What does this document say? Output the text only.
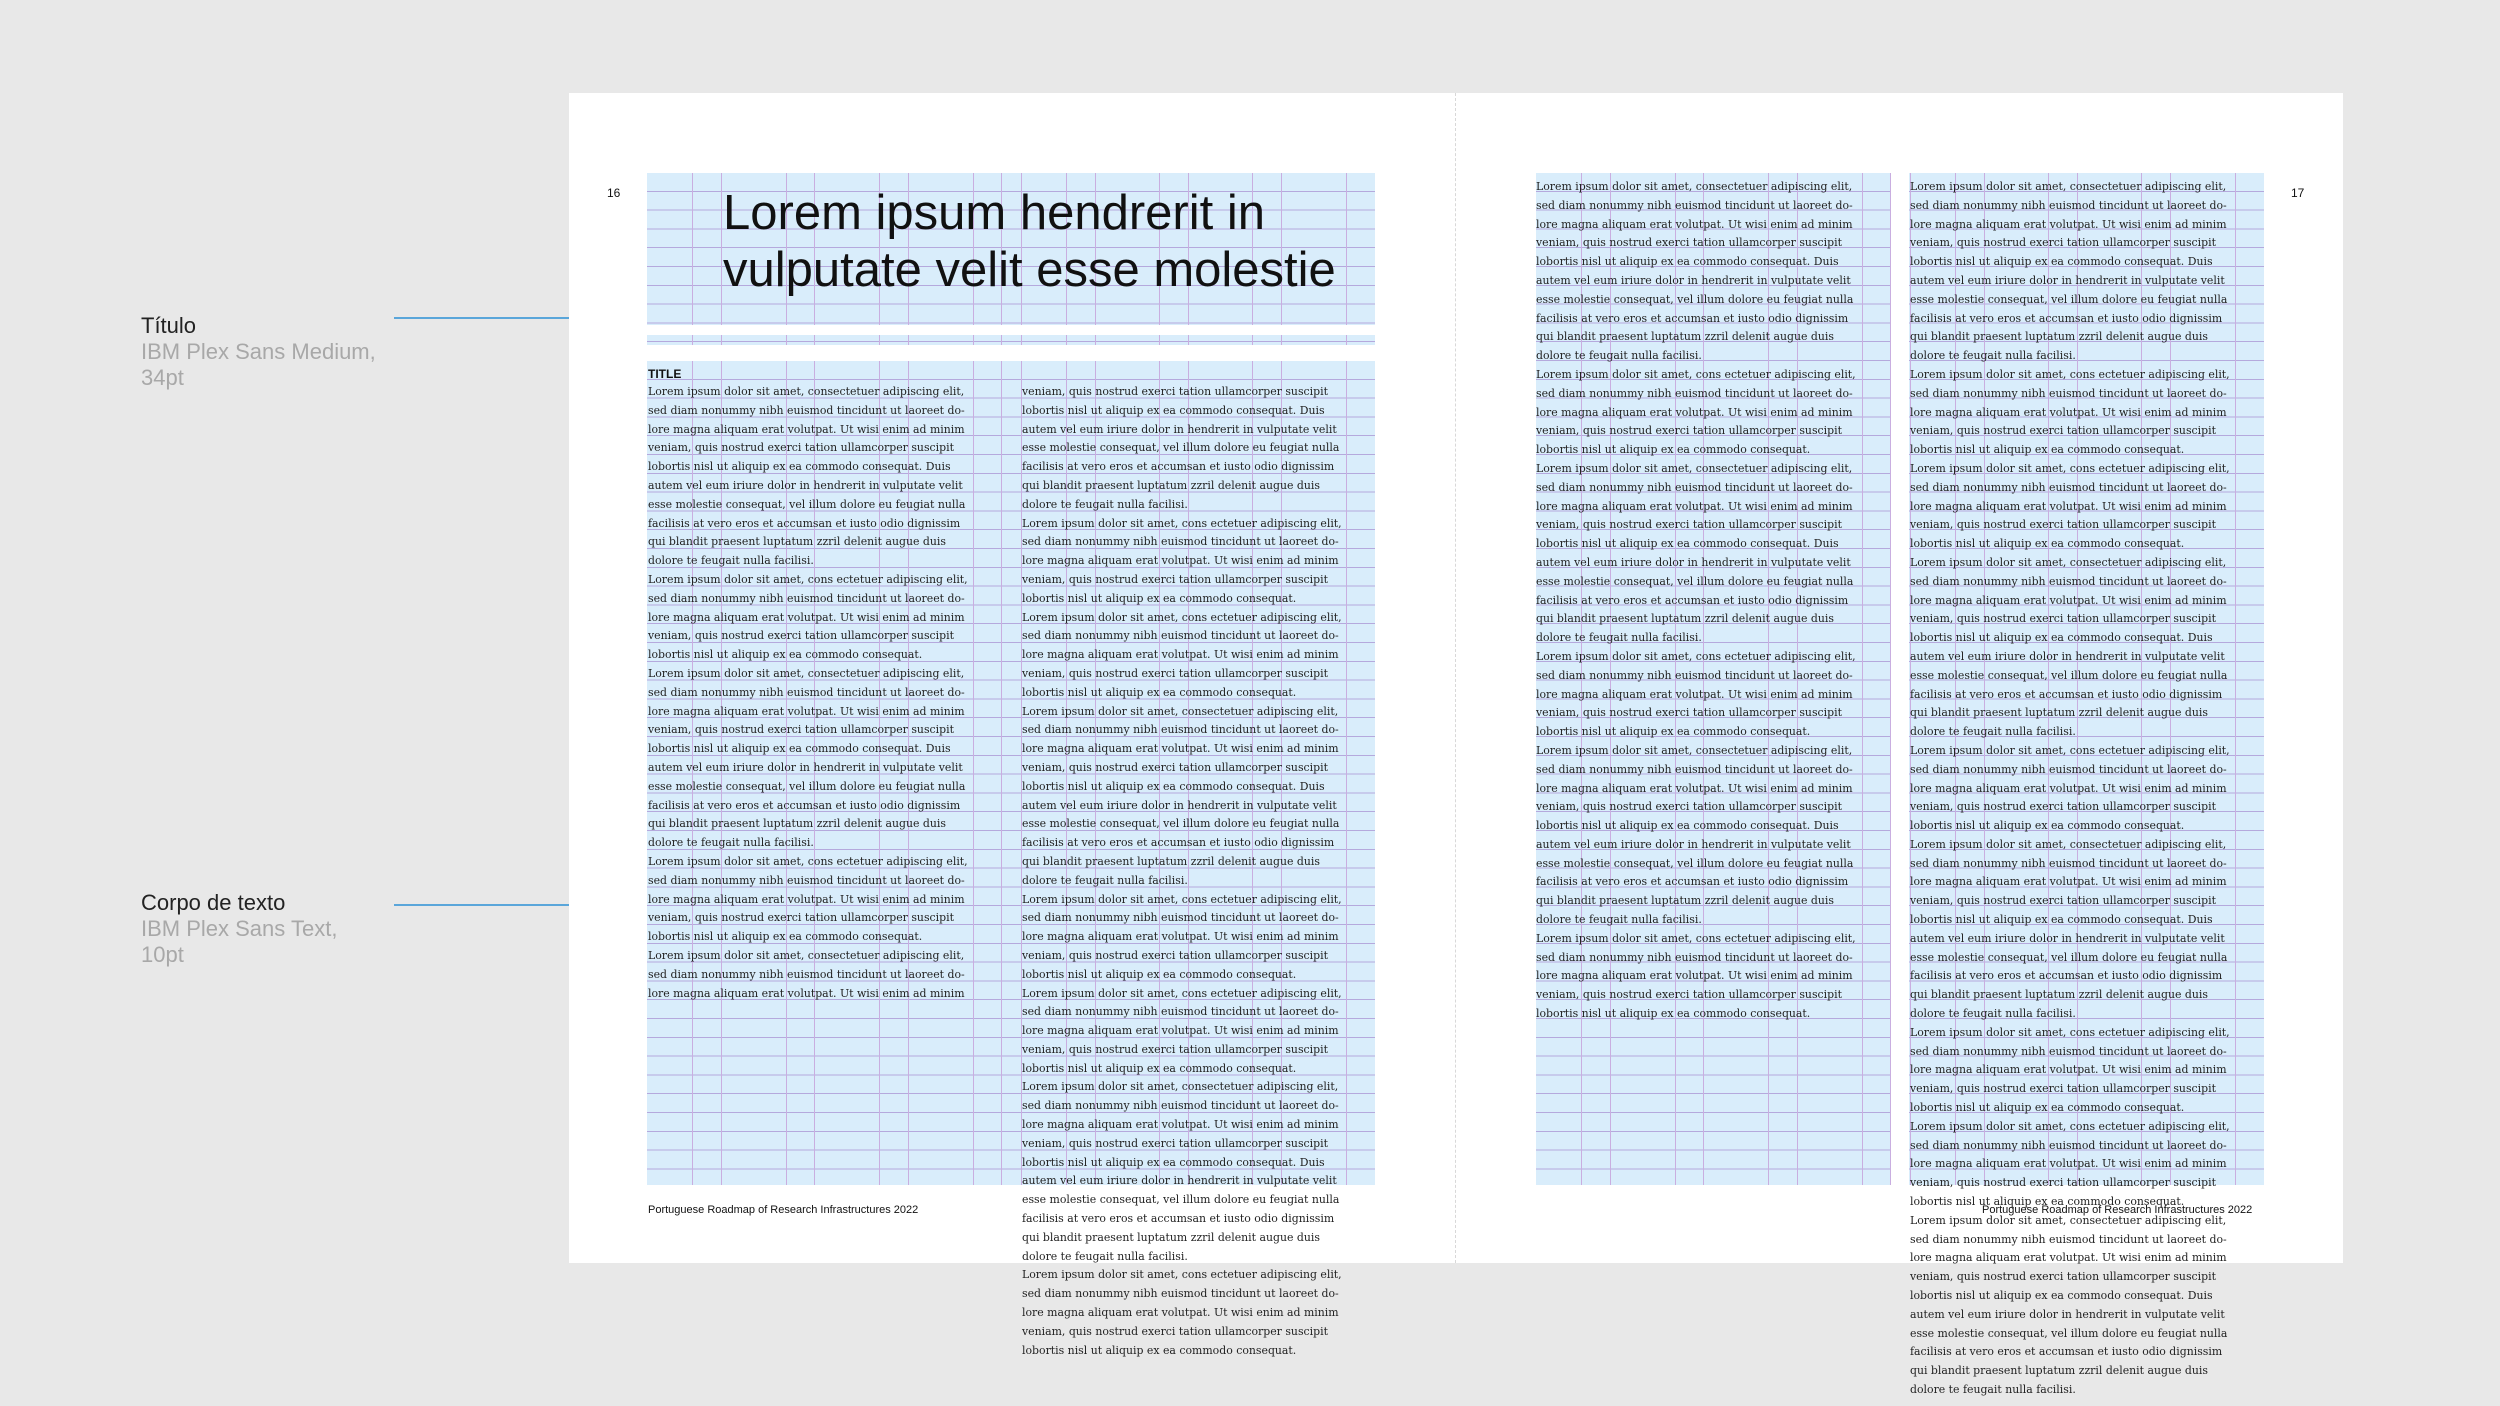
Título
IBM Plex Sans Medium,
34pt
Corpo de texto
IBM Plex Sans Text,
10pt
16 Lorem ipsum hendrerit in
vulputate velit esse molestie
TITLE
Lorem ipsum dolor sit amet, consectetuer adipiscing elit,
sed diam nonummy nibh euismod tincidunt ut laoreet do-
lore magna aliquam erat volutpat. Ut wisi enim ad minim
veniam, quis nostrud exerci tation ullamcorper suscipit
lobortis nisl ut aliquip ex ea commodo consequat. Duis
autem vel eum iriure dolor in hendrerit in vulputate velit
esse molestie consequat, vel illum dolore eu feugiat nulla
facilisis at vero eros et accumsan et iusto odio dignissim
qui blandit praesent luptatum zzril delenit augue duis
dolore te feugait nulla facilisi.
Lorem ipsum dolor sit amet, cons ectetuer adipiscing elit,
sed diam nonummy nibh euismod tincidunt ut laoreet do-
lore magna aliquam erat volutpat. Ut wisi enim ad minim
veniam, quis nostrud exerci tation ullamcorper suscipit
lobortis nisl ut aliquip ex ea commodo consequat.
Lorem ipsum dolor sit amet, consectetuer adipiscing elit,
sed diam nonummy nibh euismod tincidunt ut laoreet do-
lore magna aliquam erat volutpat. Ut wisi enim ad minim
veniam, quis nostrud exerci tation ullamcorper suscipit
lobortis nisl ut aliquip ex ea commodo consequat. Duis
autem vel eum iriure dolor in hendrerit in vulputate velit
esse molestie consequat, vel illum dolore eu feugiat nulla
facilisis at vero eros et accumsan et iusto odio dignissim
qui blandit praesent luptatum zzril delenit augue duis
dolore te feugait nulla facilisi.
Lorem ipsum dolor sit amet, cons ectetuer adipiscing elit,
sed diam nonummy nibh euismod tincidunt ut laoreet do-
lore magna aliquam erat volutpat. Ut wisi enim ad minim
veniam, quis nostrud exerci tation ullamcorper suscipit
lobortis nisl ut aliquip ex ea commodo consequat.
Lorem ipsum dolor sit amet, consectetuer adipiscing elit,
sed diam nonummy nibh euismod tincidunt ut laoreet do-
lore magna aliquam erat volutpat. Ut wisi enim ad minim
veniam, quis nostrud exerci tation ullamcorper suscipit
lobortis nisl ut aliquip ex ea commodo consequat. Duis
autem vel eum iriure dolor in hendrerit in vulputate velit
esse molestie consequat, vel illum dolore eu feugiat nulla
facilisis at vero eros et accumsan et iusto odio dignissim
qui blandit praesent luptatum zzril delenit augue duis
dolore te feugait nulla facilisi.
Lorem ipsum dolor sit amet, cons ectetuer adipiscing elit,
sed diam nonummy nibh euismod tincidunt ut laoreet do-
lore magna aliquam erat volutpat. Ut wisi enim ad minim
veniam, quis nostrud exerci tation ullamcorper suscipit
lobortis nisl ut aliquip ex ea commodo consequat.
Lorem ipsum dolor sit amet, cons ectetuer adipiscing elit,
sed diam nonummy nibh euismod tincidunt ut laoreet do-
lore magna aliquam erat volutpat. Ut wisi enim ad minim
veniam, quis nostrud exerci tation ullamcorper suscipit
lobortis nisl ut aliquip ex ea commodo consequat.
Lorem ipsum dolor sit amet, consectetuer adipiscing elit,
sed diam nonummy nibh euismod tincidunt ut laoreet do-
lore magna aliquam erat volutpat. Ut wisi enim ad minim
veniam, quis nostrud exerci tation ullamcorper suscipit
lobortis nisl ut aliquip ex ea commodo consequat. Duis
autem vel eum iriure dolor in hendrerit in vulputate velit
esse molestie consequat, vel illum dolore eu feugiat nulla
facilisis at vero eros et accumsan et iusto odio dignissim
qui blandit praesent luptatum zzril delenit augue duis
dolore te feugait nulla facilisi.
Lorem ipsum dolor sit amet, cons ectetuer adipiscing elit,
sed diam nonummy nibh euismod tincidunt ut laoreet do-
lore magna aliquam erat volutpat. Ut wisi enim ad minim
veniam, quis nostrud exerci tation ullamcorper suscipit
lobortis nisl ut aliquip ex ea commodo consequat.
Lorem ipsum dolor sit amet, cons ectetuer adipiscing elit,
sed diam nonummy nibh euismod tincidunt ut laoreet do-
lore magna aliquam erat volutpat. Ut wisi enim ad minim
veniam, quis nostrud exerci tation ullamcorper suscipit
lobortis nisl ut aliquip ex ea commodo consequat.
Lorem ipsum dolor sit amet, consectetuer adipiscing elit,
sed diam nonummy nibh euismod tincidunt ut laoreet do-
lore magna aliquam erat volutpat. Ut wisi enim ad minim
veniam, quis nostrud exerci tation ullamcorper suscipit
lobortis nisl ut aliquip ex ea commodo consequat. Duis
autem vel eum iriure dolor in hendrerit in vulputate velit
esse molestie consequat, vel illum dolore eu feugiat nulla
facilisis at vero eros et accumsan et iusto odio dignissim
qui blandit praesent luptatum zzril delenit augue duis
dolore te feugait nulla facilisi.
Lorem ipsum dolor sit amet, cons ectetuer adipiscing elit,
sed diam nonummy nibh euismod tincidunt ut laoreet do-
lore magna aliquam erat volutpat. Ut wisi enim ad minim
veniam, quis nostrud exerci tation ullamcorper suscipit
lobortis nisl ut aliquip ex ea commodo consequat.
Portuguese Roadmap of Research Infrastructures 2022
17
Lorem ipsum dolor sit amet, consectetuer adipiscing elit,
sed diam nonummy nibh euismod tincidunt ut laoreet do-
lore magna aliquam erat volutpat. Ut wisi enim ad minim
veniam, quis nostrud exerci tation ullamcorper suscipit
lobortis nisl ut aliquip ex ea commodo consequat. Duis
autem vel eum iriure dolor in hendrerit in vulputate velit
esse molestie consequat, vel illum dolore eu feugiat nulla
facilisis at vero eros et accumsan et iusto odio dignissim
qui blandit praesent luptatum zzril delenit augue duis
dolore te feugait nulla facilisi.
Lorem ipsum dolor sit amet, cons ectetuer adipiscing elit,
sed diam nonummy nibh euismod tincidunt ut laoreet do-
lore magna aliquam erat volutpat. Ut wisi enim ad minim
veniam, quis nostrud exerci tation ullamcorper suscipit
lobortis nisl ut aliquip ex ea commodo consequat.
Lorem ipsum dolor sit amet, consectetuer adipiscing elit,
sed diam nonummy nibh euismod tincidunt ut laoreet do-
lore magna aliquam erat volutpat. Ut wisi enim ad minim
veniam, quis nostrud exerci tation ullamcorper suscipit
lobortis nisl ut aliquip ex ea commodo consequat. Duis
autem vel eum iriure dolor in hendrerit in vulputate velit
esse molestie consequat, vel illum dolore eu feugiat nulla
facilisis at vero eros et accumsan et iusto odio dignissim
qui blandit praesent luptatum zzril delenit augue duis
dolore te feugait nulla facilisi.
Lorem ipsum dolor sit amet, cons ectetuer adipiscing elit,
sed diam nonummy nibh euismod tincidunt ut laoreet do-
lore magna aliquam erat volutpat. Ut wisi enim ad minim
veniam, quis nostrud exerci tation ullamcorper suscipit
lobortis nisl ut aliquip ex ea commodo consequat.
Lorem ipsum dolor sit amet, consectetuer adipiscing elit,
sed diam nonummy nibh euismod tincidunt ut laoreet do-
lore magna aliquam erat volutpat. Ut wisi enim ad minim
veniam, quis nostrud exerci tation ullamcorper suscipit
lobortis nisl ut aliquip ex ea commodo consequat. Duis
autem vel eum iriure dolor in hendrerit in vulputate velit
esse molestie consequat, vel illum dolore eu feugiat nulla
facilisis at vero eros et accumsan et iusto odio dignissim
qui blandit praesent luptatum zzril delenit augue duis
dolore te feugait nulla facilisi.
Lorem ipsum dolor sit amet, cons ectetuer adipiscing elit,
sed diam nonummy nibh euismod tincidunt ut laoreet do-
lore magna aliquam erat volutpat. Ut wisi enim ad minim
veniam, quis nostrud exerci tation ullamcorper suscipit
lobortis nisl ut aliquip ex ea commodo consequat.
Lorem ipsum dolor sit amet, consectetuer adipiscing elit,
sed diam nonummy nibh euismod tincidunt ut laoreet do-
lore magna aliquam erat volutpat. Ut wisi enim ad minim
veniam, quis nostrud exerci tation ullamcorper suscipit
lobortis nisl ut aliquip ex ea commodo consequat. Duis
autem vel eum iriure dolor in hendrerit in vulputate velit
esse molestie consequat, vel illum dolore eu feugiat nulla
facilisis at vero eros et accumsan et iusto odio dignissim
qui blandit praesent luptatum zzril delenit augue duis
dolore te feugait nulla facilisi.
Lorem ipsum dolor sit amet, cons ectetuer adipiscing elit,
sed diam nonummy nibh euismod tincidunt ut laoreet do-
lore magna aliquam erat volutpat. Ut wisi enim ad minim
veniam, quis nostrud exerci tation ullamcorper suscipit
lobortis nisl ut aliquip ex ea commodo consequat.
Lorem ipsum dolor sit amet, cons ectetuer adipiscing elit,
sed diam nonummy nibh euismod tincidunt ut laoreet do-
lore magna aliquam erat volutpat. Ut wisi enim ad minim
veniam, quis nostrud exerci tation ullamcorper suscipit
lobortis nisl ut aliquip ex ea commodo consequat.
Lorem ipsum dolor sit amet, consectetuer adipiscing elit,
sed diam nonummy nibh euismod tincidunt ut laoreet do-
lore magna aliquam erat volutpat. Ut wisi enim ad minim
veniam, quis nostrud exerci tation ullamcorper suscipit
lobortis nisl ut aliquip ex ea commodo consequat. Duis
autem vel eum iriure dolor in hendrerit in vulputate velit
esse molestie consequat, vel illum dolore eu feugiat nulla
facilisis at vero eros et accumsan et iusto odio dignissim
qui blandit praesent luptatum zzril delenit augue duis
dolore te feugait nulla facilisi.
Lorem ipsum dolor sit amet, cons ectetuer adipiscing elit,
sed diam nonummy nibh euismod tincidunt ut laoreet do-
lore magna aliquam erat volutpat. Ut wisi enim ad minim
veniam, quis nostrud exerci tation ullamcorper suscipit
lobortis nisl ut aliquip ex ea commodo consequat.
Lorem ipsum dolor sit amet, consectetuer adipiscing elit,
sed diam nonummy nibh euismod tincidunt ut laoreet do-
lore magna aliquam erat volutpat. Ut wisi enim ad minim
veniam, quis nostrud exerci tation ullamcorper suscipit
lobortis nisl ut aliquip ex ea commodo consequat. Duis
autem vel eum iriure dolor in hendrerit in vulputate velit
esse molestie consequat, vel illum dolore eu feugiat nulla
facilisis at vero eros et accumsan et iusto odio dignissim
qui blandit praesent luptatum zzril delenit augue duis
dolore te feugait nulla facilisi.
Lorem ipsum dolor sit amet, cons ectetuer adipiscing elit,
sed diam nonummy nibh euismod tincidunt ut laoreet do-
lore magna aliquam erat volutpat. Ut wisi enim ad minim
veniam, quis nostrud exerci tation ullamcorper suscipit
lobortis nisl ut aliquip ex ea commodo consequat.
Lorem ipsum dolor sit amet, cons ectetuer adipiscing elit,
sed diam nonummy nibh euismod tincidunt ut laoreet do-
lore magna aliquam erat volutpat. Ut wisi enim ad minim
veniam, quis nostrud exerci tation ullamcorper suscipit
lobortis nisl ut aliquip ex ea commodo consequat.
Lorem ipsum dolor sit amet, consectetuer adipiscing elit,
sed diam nonummy nibh euismod tincidunt ut laoreet do-
lore magna aliquam erat volutpat. Ut wisi enim ad minim
veniam, quis nostrud exerci tation ullamcorper suscipit
lobortis nisl ut aliquip ex ea commodo consequat. Duis
autem vel eum iriure dolor in hendrerit in vulputate velit
esse molestie consequat, vel illum dolore eu feugiat nulla
facilisis at vero eros et accumsan et iusto odio dignissim
qui blandit praesent luptatum zzril delenit augue duis
dolore te feugait nulla facilisi.
Portuguese Roadmap of Research Infrastructures 2022
